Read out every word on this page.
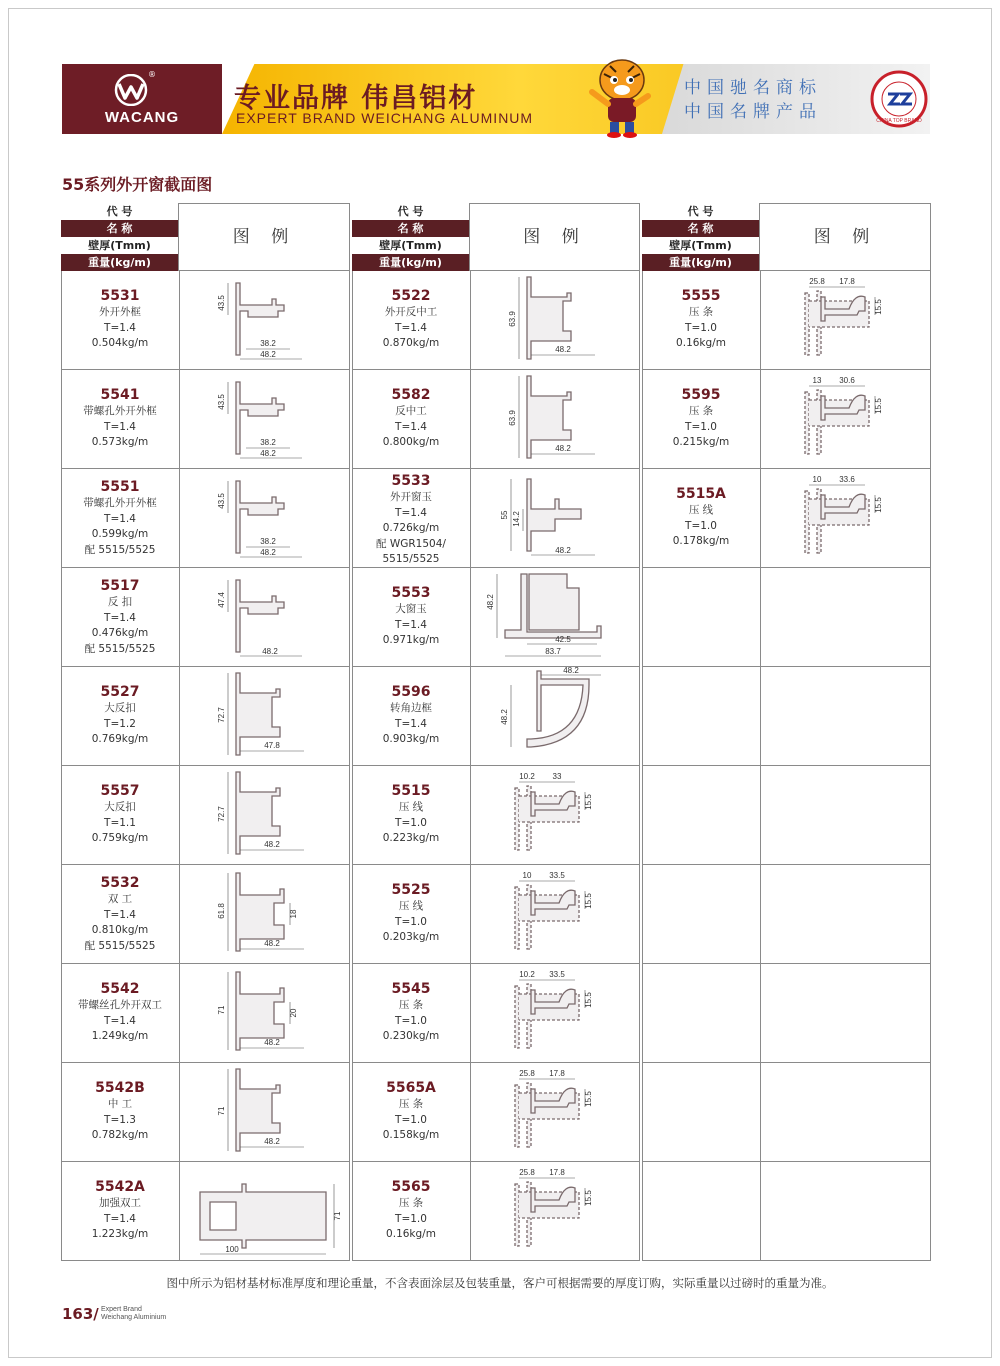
®
WACANG
专业品牌 伟昌铝材
EXPERT BRAND WEICHANG ALUMINUM
中国驰名商标
中国名牌产品	CHINA TOP BRAND
55系列外开窗截面图
代 号
名 称
壁厚(Tmm)
重量(kg/m)
图 例
5531
外开外框
T=1.4
0.504kg/m	38.2
48.2
43.5
5541
带螺孔外开外框
T=1.4
0.573kg/m	38.2
48.2
43.5
5551
带螺孔外开外框
T=1.4
0.599kg/m
配 5515/5525
38.2
48.2
43.5
5517
反 扣
T=1.4
0.476kg/m
配 5515/5525	48.2
47.4
5527
大反扣
T=1.2
0.769kg/m
72.7
47.8
5557
大反扣
T=1.1
0.759kg/m
72.7
48.2
5532
双 工
T=1.4
0.810kg/m
配 5515/5525
61.8	18
48.2
5542
带螺丝孔外开双工
T=1.4
1.249kg/m
71	20
48.2
5542B
中 工
T=1.3
0.782kg/m
71
48.2
5542A
加强双工
T=1.4
1.223kg/m
71
100
代 号
名 称
壁厚(Tmm)
重量(kg/m)
图 例
5522
外开反中工
T=1.4
0.870kg/m
63.9
48.2
5582
反中工
T=1.4
0.800kg/m
63.9
48.2
5533
外开窗玉
T=1.4
0.726kg/m
配 WGR1504/
5515/5525
55 14.2
48.2
5553
大窗玉
T=1.4
0.971kg/m
48.2
42.5
83.7
5596
转角边框
T=1.4
0.903kg/m
48.2
48.2
5515
压 线
T=1.0
0.223kg/m
10.2 33
15.5
5525
压 线
T=1.0
0.203kg/m
10 33.5
15.5
5545
压 条
T=1.0
0.230kg/m
10.2 33.5
15.5
5565A
压 条
T=1.0
0.158kg/m
25.8 17.8
15.5
5565
压 条
T=1.0
0.16kg/m
25.8 17.8
15.5
代 号
名 称
壁厚(Tmm)
重量(kg/m)
图 例
5555
压 条
T=1.0
0.16kg/m
25.8 17.8
15.5
5595
压 条
T=1.0
0.215kg/m
13 30.6
15.5
5515A
压 线
T=1.0
0.178kg/m
10 33.6
15.5
图中所示为铝材基材标准厚度和理论重量，不含表面涂层及包装重量，客户可根据需要的厚度订购，实际重量以过磅时的重量为准。
163/ Expert Brand
Weichang Aluminium
